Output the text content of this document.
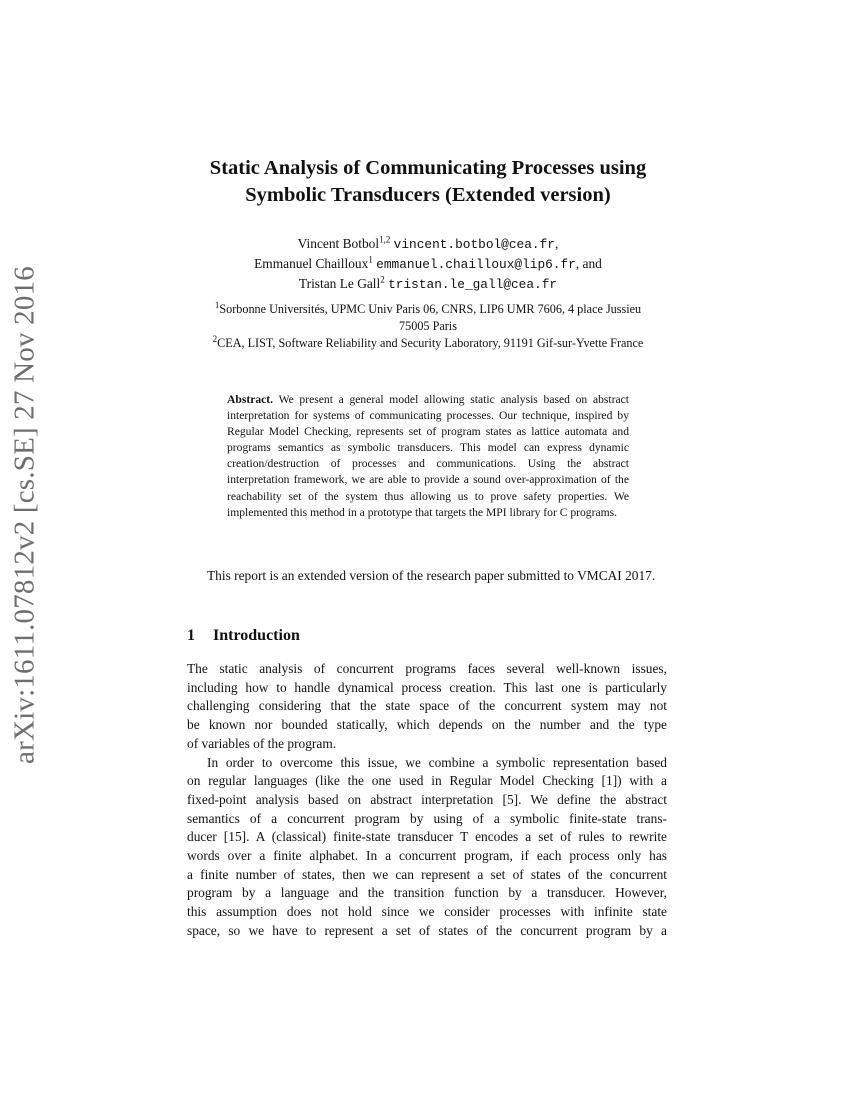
arXiv:1611.07812v2 [cs.SE] 27 Nov 2016
Static Analysis of Communicating Processes using
Symbolic Transducers (Extended version)
Vincent Botbol$^{1,2}$ vincent.botbol@cea.fr,
Emmanuel Chailloux$^1$ emmanuel.chailloux@lip6.fr, and
Tristan Le Gall$^2$ tristan.le_gall@cea.fr
$^1$Sorbonne Universités, UPMC Univ Paris 06, CNRS, LIP6 UMR 7606, 4 place Jussieu
75005 Paris
$^2$CEA, LIST, Software Reliability and Security Laboratory, 91191 Gif-sur-Yvette France
Abstract. We present a general model allowing static analysis based on abstract interpretation for systems of communicating processes. Our technique, inspired by Regular Model Checking, represents set of program states as lattice automata and programs semantics as symbolic transducers. This model can express dynamic creation/destruction of processes and communications. Using the abstract interpretation framework, we are able to provide a sound over-approximation of the reachability set of the system thus allowing us to prove safety properties. We implemented this method in a prototype that targets the MPI library for C programs.
This report is an extended version of the research paper submitted to VMCAI 2017.
1 Introduction

The static analysis of concurrent programs faces several well-known issues,
including how to handle dynamical process creation. This last one is particularly
challenging considering that the state space of the concurrent system may not
be known nor bounded statically, which depends on the number and the type
of variables of the program.

In order to overcome this issue, we combine a symbolic representation based
on regular languages (like the one used in Regular Model Checking [1]) with a
fixed-point analysis based on abstract interpretation [5]. We define the abstract
semantics of a concurrent program by using of a symbolic finite-state trans-
ducer [15]. A (classical) finite-state transducer T encodes a set of rules to rewrite
words over a finite alphabet. In a concurrent program, if each process only has
a finite number of states, then we can represent a set of states of the concurrent
program by a language and the transition function by a transducer. However,
this assumption does not hold since we consider processes with infinite state
space, so we have to represent a set of states of the concurrent program by a
